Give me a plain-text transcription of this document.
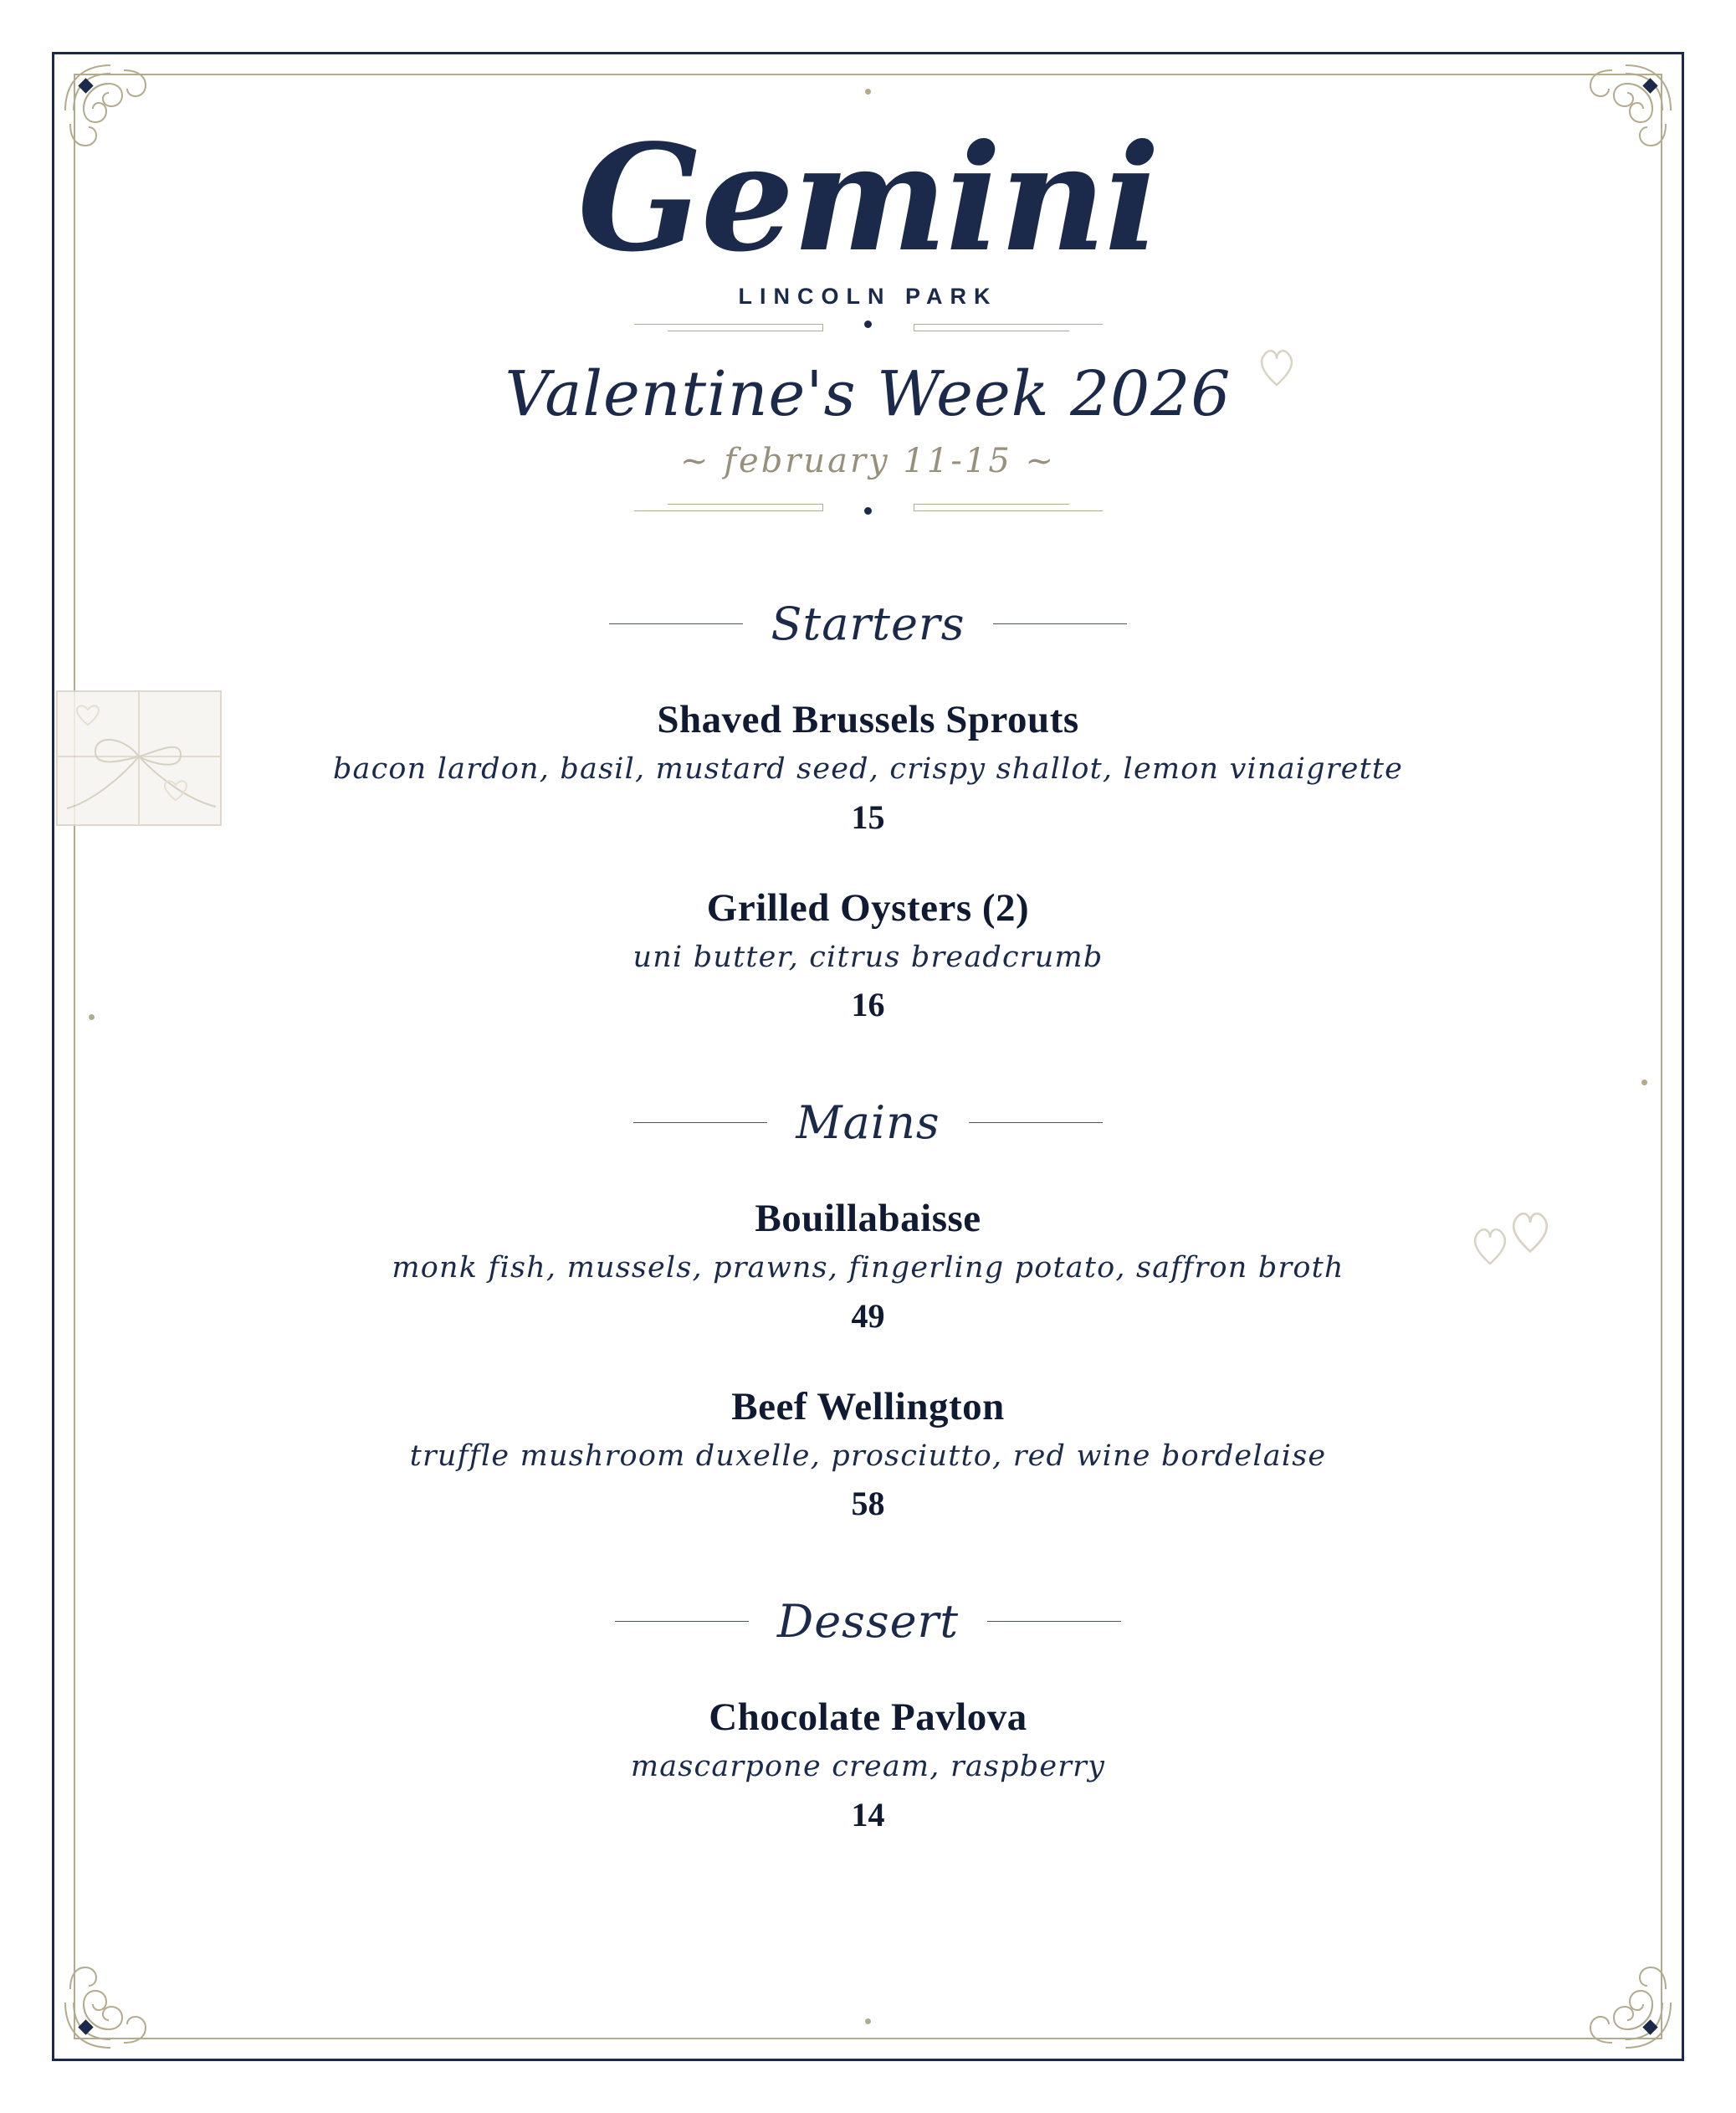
Gemini
LINCOLN PARK
Valentine's Week 2026
~ february 11-15 ~
Starters
Shaved Brussels Sprouts
bacon lardon, basil, mustard seed, crispy shallot, lemon vinaigrette
15
Grilled Oysters (2)
uni butter, citrus breadcrumb
16
Mains
Bouillabaisse
monk fish, mussels, prawns, fingerling potato, saffron broth
49
Beef Wellington
truffle mushroom duxelle, prosciutto, red wine bordelaise
58
Dessert
Chocolate Pavlova
mascarpone cream, raspberry
14
